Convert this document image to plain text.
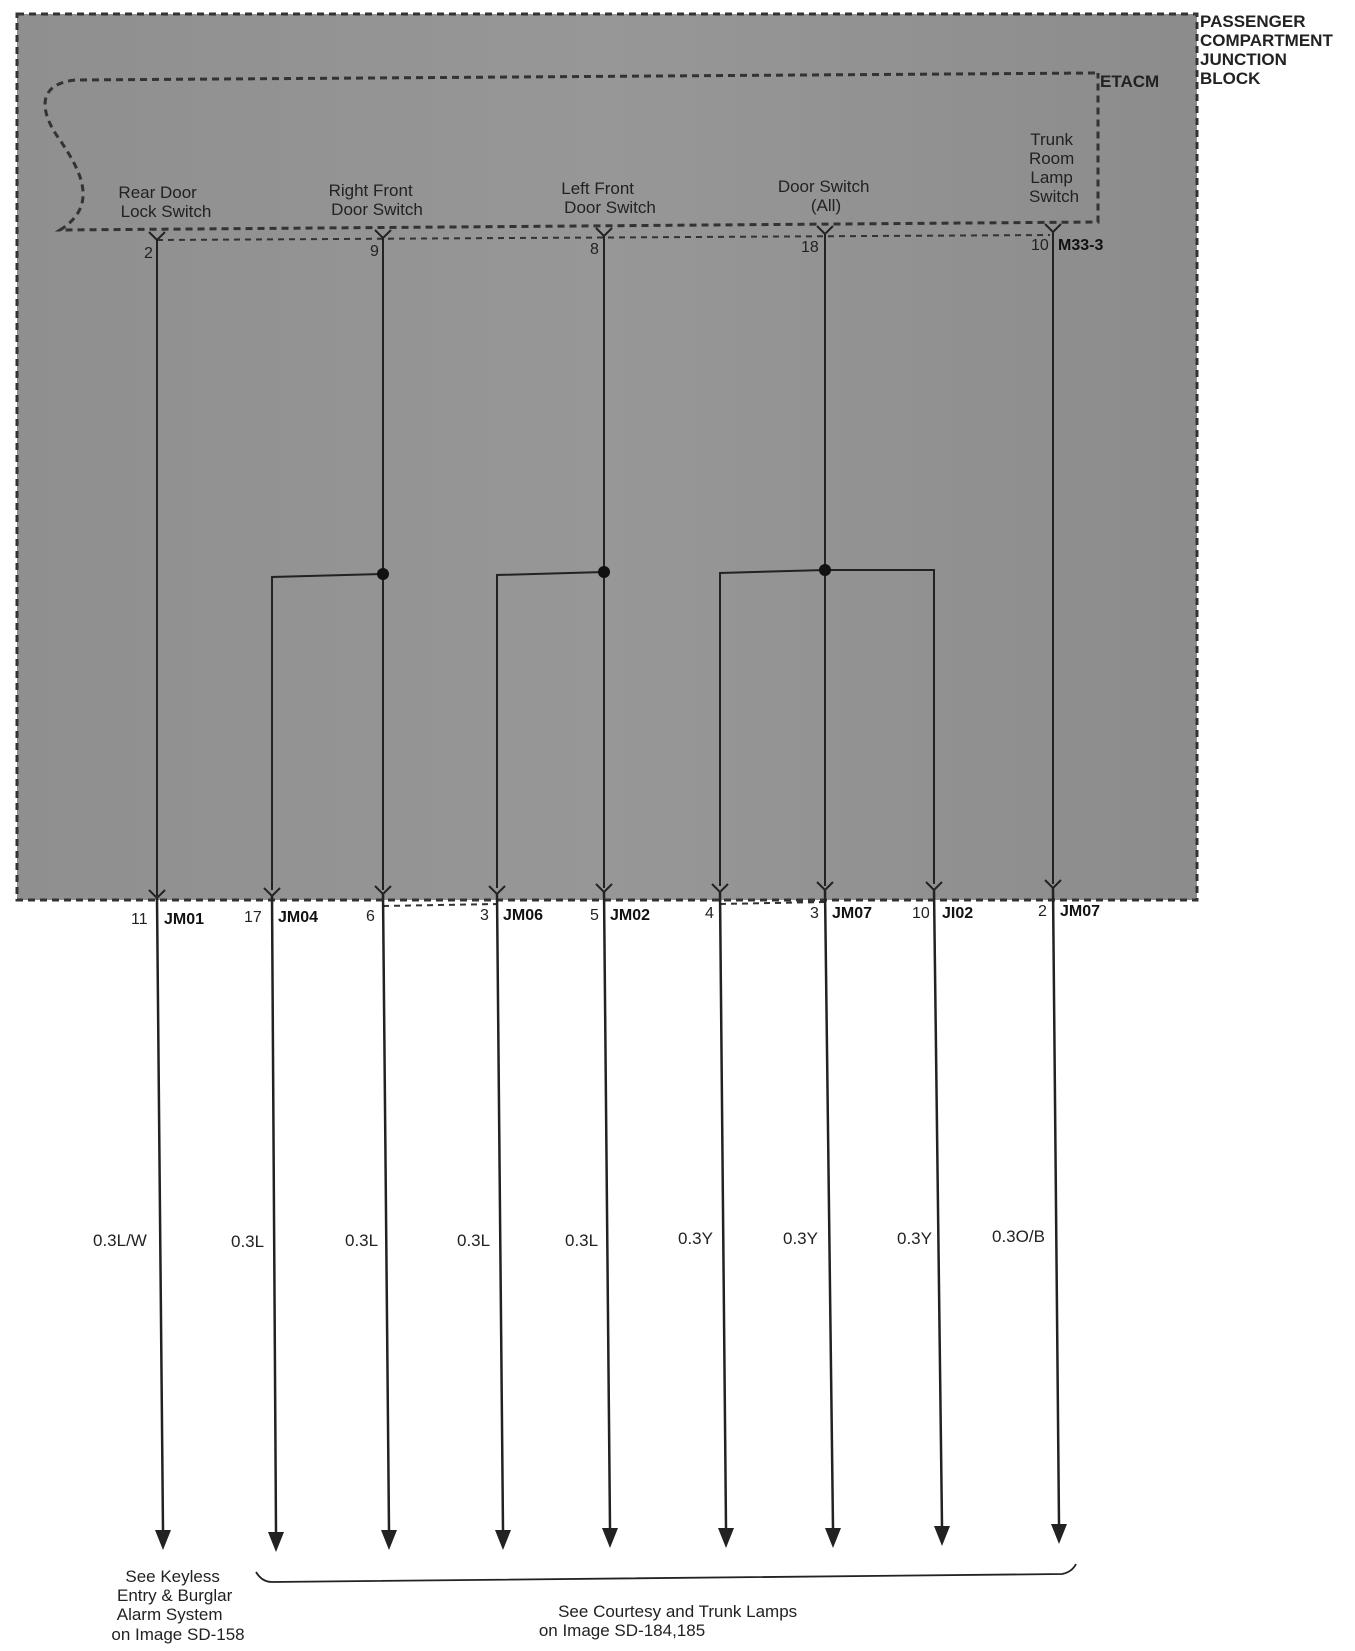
PASSENGER COMPARTMENT JUNCTION BLOCK
ETACM
Rear Door Lock Switch
Right Front Door Switch
Left Front Door Switch
Door Switch (All)
Trunk Room Lamp Switch
2	9	8	18	10 M33-3
11 JM01 17 JM04	6	3 JM06	5 JM02	4	3 JM07 10 JI02	2 JM07
0.3L/W	0.3L	0.3L	0.3L	0.3L	0.3Y	0.3Y	0.3Y	0.3O/B
See Keyless Entry & Burglar Alarm System on Image SD-158
See Courtesy and Trunk Lamps on Image SD-184,185
